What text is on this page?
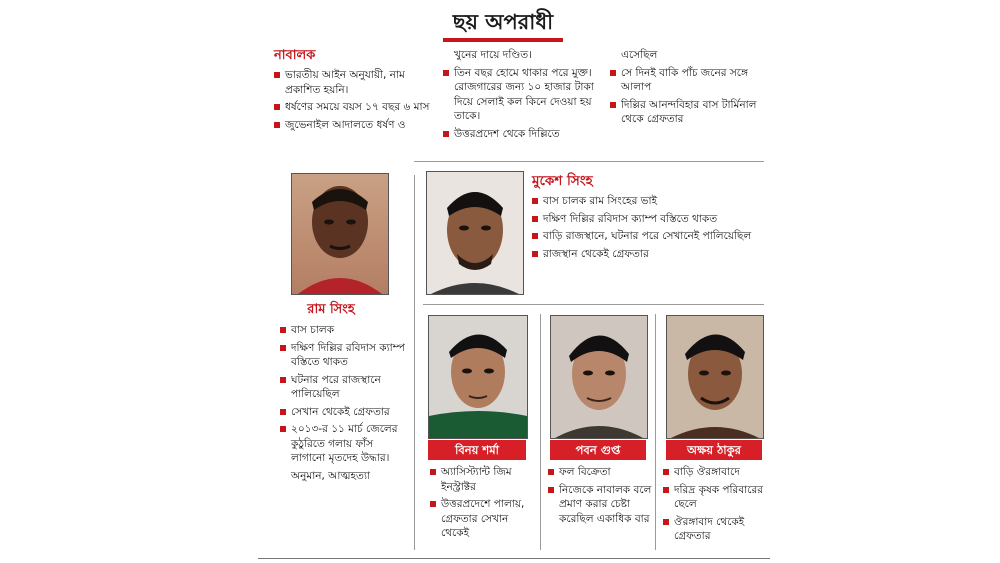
ছয় অপরাধী
নাবালক
ভারতীয় আইন অনুযায়ী, নাম প্রকাশিত হয়নি।
ধর্ষণের সময়ে বয়স ১৭ বছর ৬ মাস
জুভেনাইল আদালতে ধর্ষণ ও
খুনের দায়ে দণ্ডিত।
তিন বছর হোমে থাকার পরে মুক্ত। রোজগারের জন্য ১০ হাজার টাকা দিয়ে সেলাই কল কিনে দেওয়া হয় তাকে।
উত্তরপ্রদেশ থেকে দিল্লিতে
এসেছিল
সে দিনই বাকি পাঁচ জনের সঙ্গে আলাপ
দিল্লির আনন্দবিহার বাস টার্মিনাল থেকে গ্রেফতার
রাম সিংহ
বাস চালক
দক্ষিণ দিল্লির রবিদাস ক্যাম্প বস্তিতে থাকত
ঘটনার পরে রাজস্থানে পালিয়েছিল
সেখান থেকেই গ্রেফতার
২০১৩-র ১১ মার্চ জেলের কুঠুরিতে গলায় ফাঁস লাগানো মৃতদেহ উদ্ধার।
অনুমান, আত্মহত্যা
মুকেশ সিংহ
বাস চালক রাম সিংহের ভাই
দক্ষিণ দিল্লির রবিদাস ক্যাম্প বস্তিতে থাকত
বাড়ি রাজস্থানে, ঘটনার পরে সেখানেই পালিয়েছিল
রাজস্থান থেকেই গ্রেফতার
বিনয় শর্মা
অ্যাসিস্ট্যান্ট জিম ইনস্ট্রাক্টর
উত্তরপ্রদেশে পালায়, গ্রেফতার সেখান থেকেই
পবন গুপ্ত
ফল বিক্রেতা
নিজেকে নাবালক বলে প্রমাণ করার চেষ্টা করেছিল একাধিক বার
অক্ষয় ঠাকুর
বাড়ি ঔরঙ্গাবাদে
দরিদ্র কৃষক পরিবারের ছেলে
ঔরঙ্গাবাদ থেকেই গ্রেফতার
